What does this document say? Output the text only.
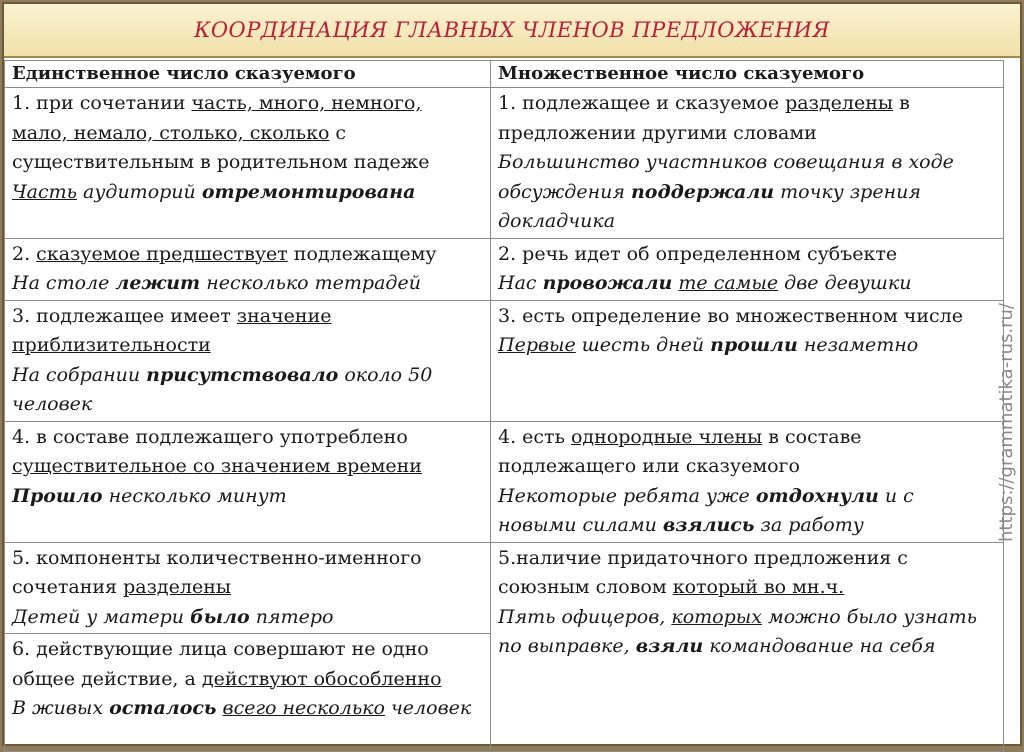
КООРДИНАЦИЯ ГЛАВНЫХ ЧЛЕНОВ ПРЕДЛОЖЕНИЯ
Единственное число сказуемого	Множественное число сказуемого
1. при сочетании часть, много, немного, мало, немало, столько, сколько с существительным в родительном падеже
Часть аудиторий отремонтирована	1. подлежащее и сказуемое разделены в предложении другими словами
Большинство участников совещания в ходе обсуждения поддержали точку зрения докладчика

2. сказуемое предшествует подлежащему
На столе лежит несколько тетрадей	2. речь идет об определенном субъекте
Нас провожали те самые две девушки

3. подлежащее имеет значение приблизительности
На собрании присутствовало около 50 человек	3. есть определение во множественном числе
Первые шесть дней прошли незаметно

4. в составе подлежащего употреблено существительное со значением времени
Прошло несколько минут	4. есть однородные члены в составе подлежащего или сказуемого
Некоторые ребята уже отдохнули и с новыми силами взялись за работу

5. компоненты количественно-именного сочетания разделены
Детей у матери было пятеро	5.наличие придаточного предложения с союзным словом который во мн.ч.
Пять офицеров, которых можно было узнать по выправке, взяли командование на себя

6. действующие лица совершают не одно общее действие, а действуют обособленно
В живых осталось всего несколько человек	
https://grammatika-rus.ru/
